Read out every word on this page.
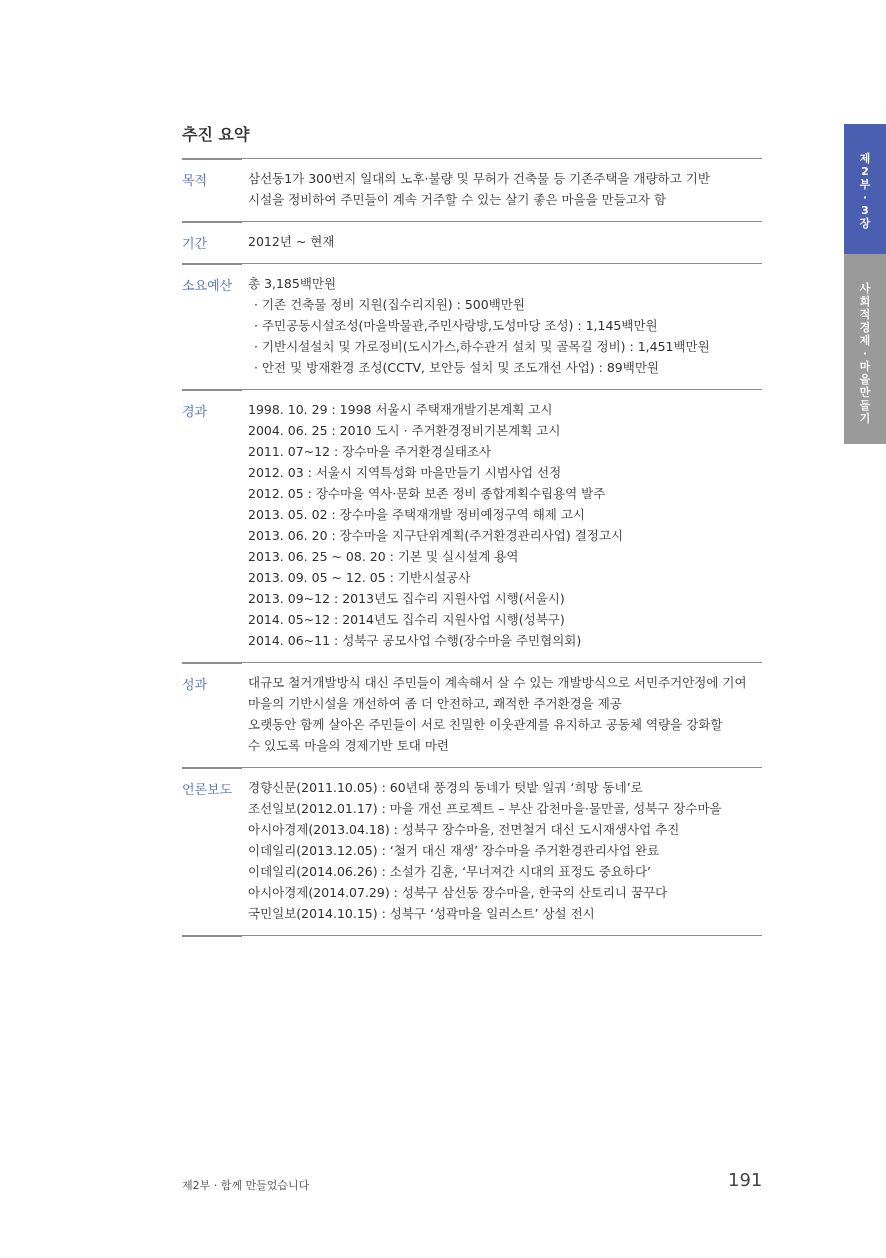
추진 요약
목적	삼선동1가 300번지 일대의 노후·불량 및 무허가 건축물 등 기존주택을 개량하고 기반
시설을 정비하여 주민들이 계속 거주할 수 있는 살기 좋은 마을을 만들고자 함
기간	2012년 ~ 현재
소요예산 총 3,185백만원
· 기존 건축물 정비 지원(집수리지원) : 500백만원
· 주민공동시설조성(마을박물관,주민사랑방,도성마당 조성) : 1,145백만원
· 기반시설설치 및 가로정비(도시가스,하수관거 설치 및 골목길 정비) : 1,451백만원
· 안전 및 방재환경 조성(CCTV, 보안등 설치 및 조도개선 사업) : 89백만원
경과	1998. 10. 29 : 1998 서울시 주택재개발기본계획 고시
2004. 06. 25 : 2010 도시 · 주거환경정비기본계획 고시
2011. 07~12 : 장수마을 주거환경실태조사
2012. 03 : 서울시 지역특성화 마을만들기 시범사업 선정
2012. 05 : 장수마을 역사·문화 보존 정비 종합계획수립용역 발주
2013. 05. 02 : 장수마을 주택재개발 정비예정구역 해제 고시
2013. 06. 20 : 장수마을 지구단위계획(주거환경관리사업) 결정고시
2013. 06. 25 ~ 08. 20 : 기본 및 실시설계 용역
2013. 09. 05 ~ 12. 05 : 기반시설공사
2013. 09~12 : 2013년도 집수리 지원사업 시행(서울시)
2014. 05~12 : 2014년도 집수리 지원사업 시행(성북구)
2014. 06~11 : 성북구 공모사업 수행(장수마을 주민협의회)
성과	대규모 철거개발방식 대신 주민들이 계속해서 살 수 있는 개발방식으로 서민주거안정에 기여
마을의 기반시설을 개선하여 좀 더 안전하고, 쾌적한 주거환경을 제공
오랫동안 함께 살아온 주민들이 서로 친밀한 이웃관계를 유지하고 공동체 역량을 강화할
수 있도록 마을의 경제기반 토대 마련
언론보도 경향신문(2011.10.05) : 60년대 풍경의 동네가 텃밭 일궈 ‘희망 동네’로
조선일보(2012.01.17) : 마을 개선 프로젝트 – 부산 감천마을·물만골, 성북구 장수마을
아시아경제(2013.04.18) : 성북구 장수마을, 전면철거 대신 도시재생사업 추진
이데일리(2013.12.05) : ‘철거 대신 재생’ 장수마을 주거환경관리사업 완료
이데일리(2014.06.26) : 소설가 김훈, ‘무너져간 시대의 표정도 중요하다’
아시아경제(2014.07.29) : 성북구 삼선동 장수마을, 한국의 산토리니 꿈꾸다
국민일보(2014.10.15) : 성북구 ‘성곽마을 일러스트’ 상설 전시
제
2
부
·
3
장
사
회
적
경
제
·
마
을
만
들
기
제2부 · 함께 만들었습니다	191
